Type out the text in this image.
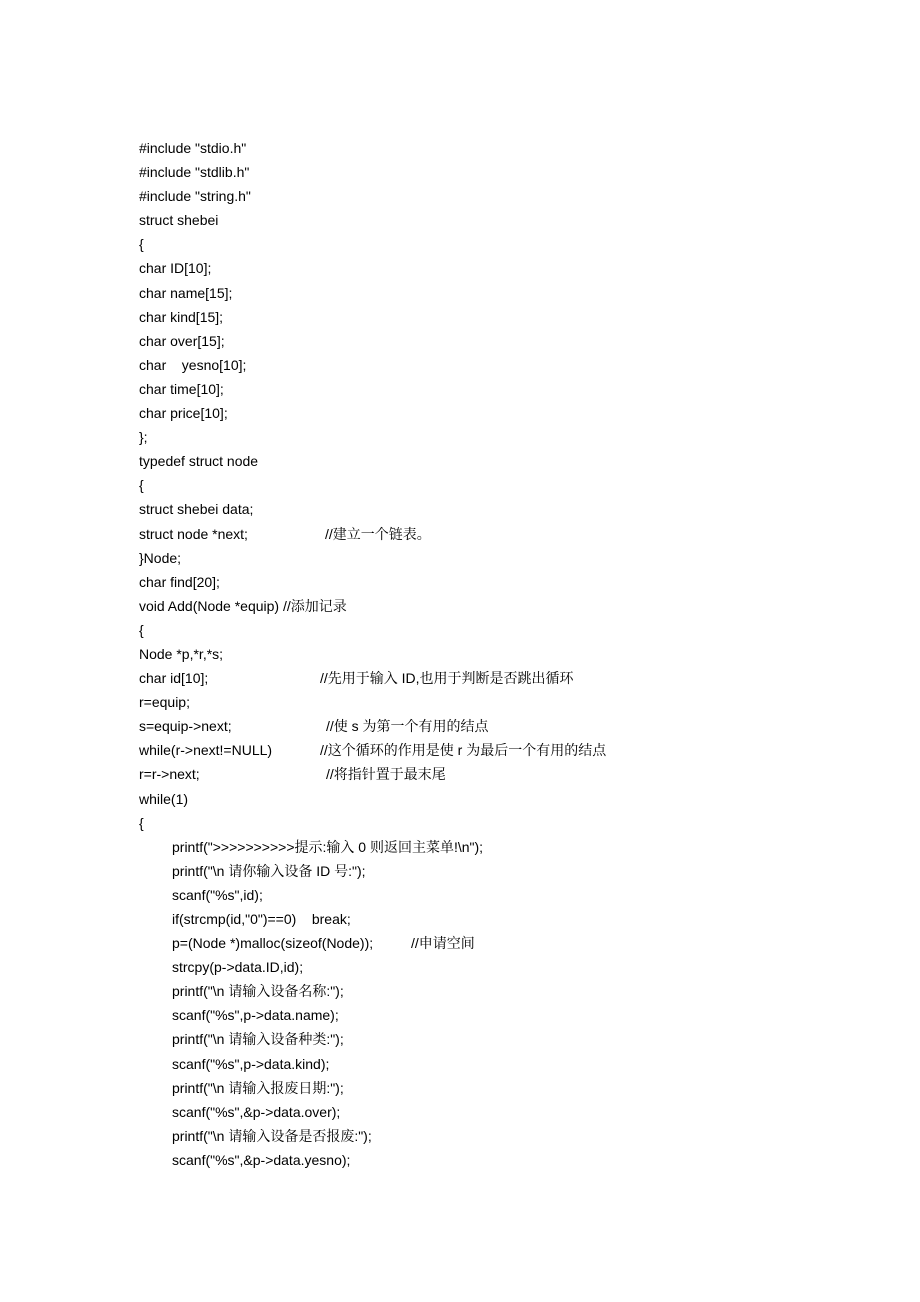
#include "stdio.h"
#include "stdlib.h"
#include "string.h"
struct shebei
{
char ID[10];
char name[15];
char kind[15];
char over[15];
char    yesno[10];
char time[10];
char price[10];
};
typedef struct node
{
struct shebei data;
struct node *next;	//建立一个链表。
}Node;
char find[20];
void Add(Node *equip) //添加记录
{
Node *p,*r,*s;
char id[10];	//先用于输入 ID,也用于判断是否跳出循环
r=equip;
s=equip->next;	//使 s 为第一个有用的结点
while(r->next!=NULL)	//这个循环的作用是使 r 为最后一个有用的结点
r=r->next;	//将指针置于最末尾
while(1)
{
printf(">>>>>>>>>>提示:输入 0 则返回主菜单!\n");
printf("\n 请你输入设备 ID 号:");
scanf("%s",id);
if(strcmp(id,"0")==0)    break;
p=(Node *)malloc(sizeof(Node));	//申请空间
strcpy(p->data.ID,id);
printf("\n 请输入设备名称:");
scanf("%s",p->data.name);
printf("\n 请输入设备种类:");
scanf("%s",p->data.kind);
printf("\n 请输入报废日期:");
scanf("%s",&p->data.over);
printf("\n 请输入设备是否报废:");
scanf("%s",&p->data.yesno);
